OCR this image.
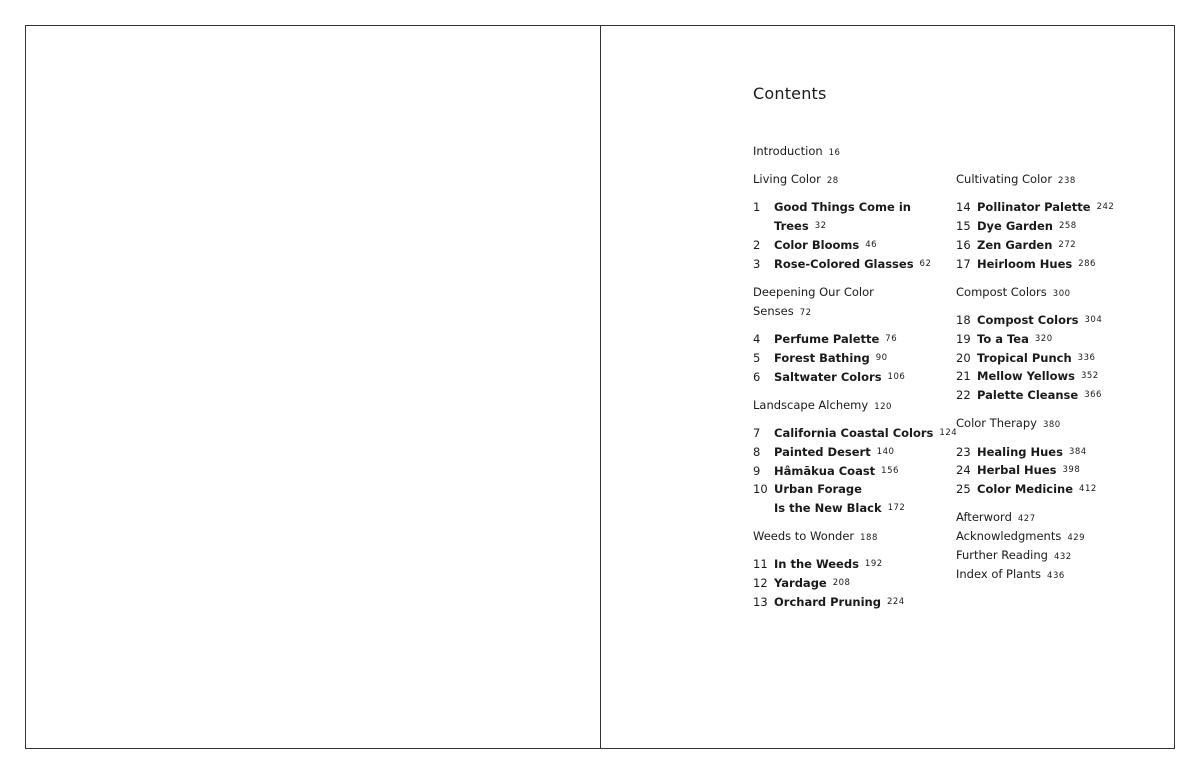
Contents
Introduction 16
Living Color 28
1	Good Things Come in
Trees 32
2	Color Blooms 46
3	Rose-Colored Glasses 62
Deepening Our Color
Senses 72
4	Perfume Palette 76
5	Forest Bathing 90
6	Saltwater Colors 106
Landscape Alchemy 120
7	California Coastal Colors 124
8	Painted Desert 140
9	Hâmākua Coast 156
10 Urban Forage
Is the New Black 172
Weeds to Wonder 188
11 In the Weeds 192
12 Yardage 208
13 Orchard Pruning 224
Cultivating Color 238
14 Pollinator Palette 242
15 Dye Garden 258
16 Zen Garden 272
17 Heirloom Hues 286
Compost Colors 300
18 Compost Colors 304
19 To a Tea 320
20 Tropical Punch 336
21 Mellow Yellows 352
22 Palette Cleanse 366
Color Therapy 380
23 Healing Hues 384
24 Herbal Hues 398
25 Color Medicine 412
Afterword 427
Acknowledgments 429
Further Reading 432
Index of Plants 436
